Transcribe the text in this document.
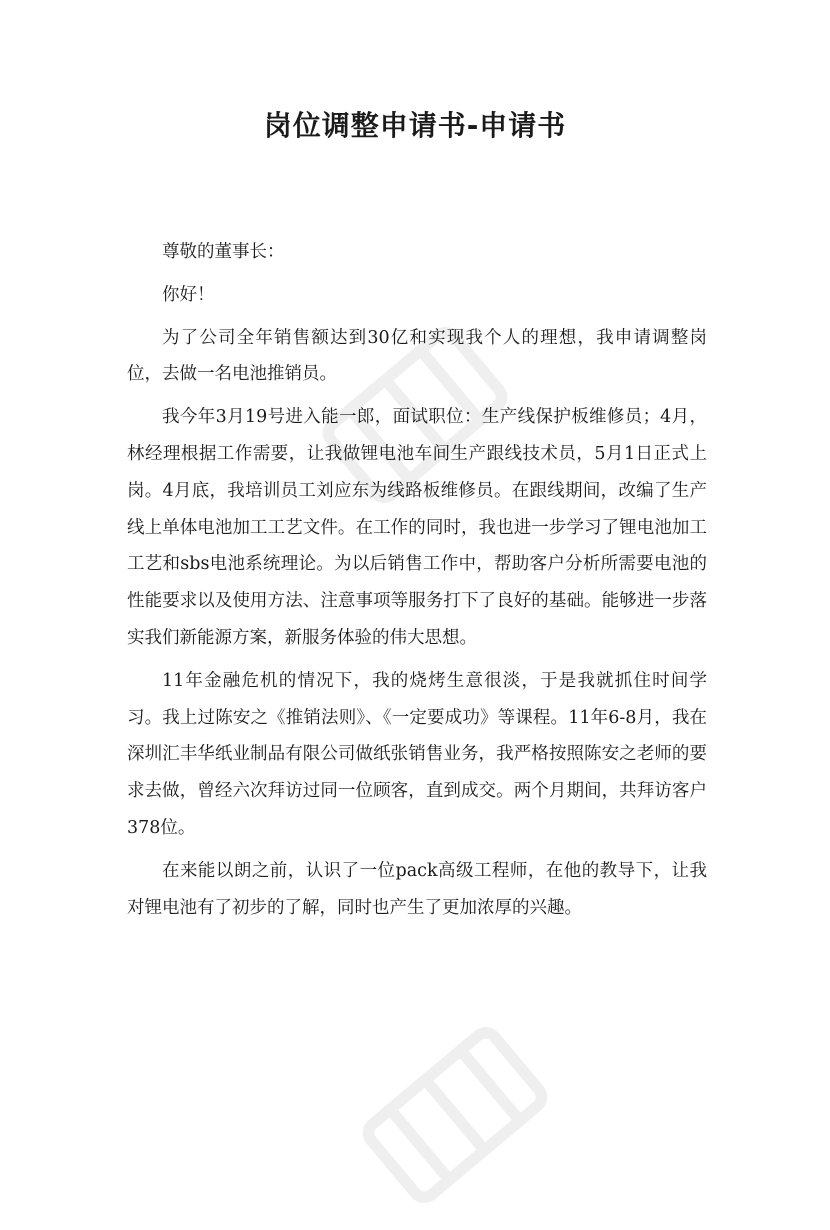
岗位调整申请书-申请书

尊敬的董事长：

你好！

为了公司全年销售额达到30亿和实现我个人的理想，我申请调整岗位，去做一名电池推销员。

我今年3月19号进入能一郎，面试职位：生产线保护板维修员；4月，林经理根据工作需要，让我做锂电池车间生产跟线技术员，5月1日正式上岗。4月底，我培训员工刘应东为线路板维修员。在跟线期间，改编了生产线上单体电池加工工艺文件。在工作的同时，我也进一步学习了锂电池加工工艺和sbs电池系统理论。为以后销售工作中，帮助客户分析所需要电池的性能要求以及使用方法、注意事项等服务打下了良好的基础。能够进一步落实我们新能源方案，新服务体验的伟大思想。

11年金融危机的情况下，我的烧烤生意很淡，于是我就抓住时间学习。我上过陈安之《推销法则》、《一定要成功》等课程。11年6-8月，我在深圳汇丰华纸业制品有限公司做纸张销售业务，我严格按照陈安之老师的要求去做，曾经六次拜访过同一位顾客，直到成交。两个月期间，共拜访客户378位。

在来能以朗之前，认识了一位pack高级工程师，在他的教导下，让我对锂电池有了初步的了解，同时也产生了更加浓厚的兴趣。
